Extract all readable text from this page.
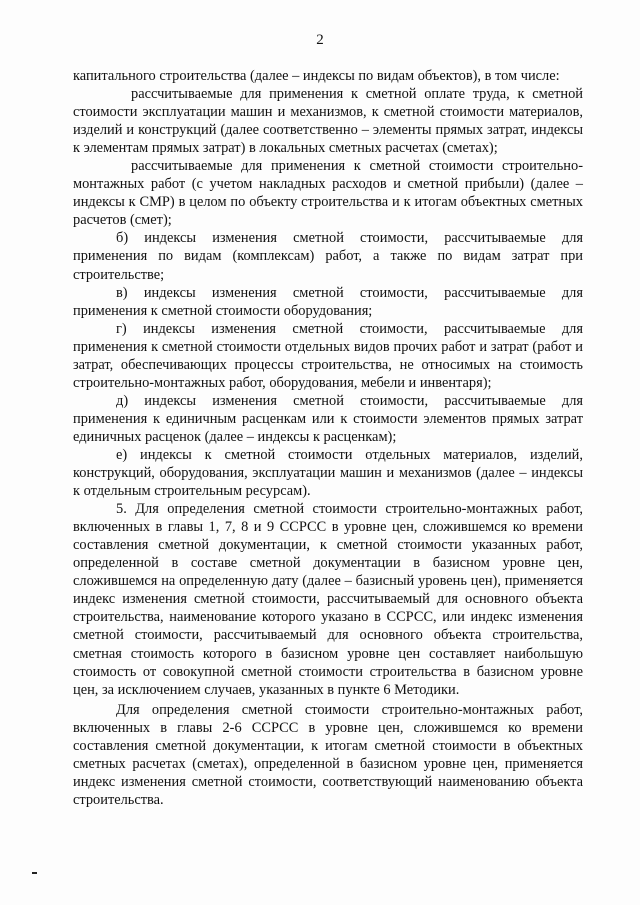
2

капитального строительства (далее – индексы по видам объектов), в том числе:

рассчитываемые для применения к сметной оплате труда, к сметной стоимости эксплуатации машин и механизмов, к сметной стоимости материалов, изделий и конструкций (далее соответственно – элементы прямых затрат, индексы к элементам прямых затрат) в локальных сметных расчетах (сметах);

рассчитываемые для применения к сметной стоимости строительно-монтажных работ (с учетом накладных расходов и сметной прибыли) (далее – индексы к СМР) в целом по объекту строительства и к итогам объектных сметных расчетов (смет);

б) индексы изменения сметной стоимости, рассчитываемые для применения по видам (комплексам) работ, а также по видам затрат при строительстве;

в) индексы изменения сметной стоимости, рассчитываемые для применения к сметной стоимости оборудования;

г) индексы изменения сметной стоимости, рассчитываемые для применения к сметной стоимости отдельных видов прочих работ и затрат (работ и затрат, обеспечивающих процессы строительства, не относимых на стоимость строительно-монтажных работ, оборудования, мебели и инвентаря);

д) индексы изменения сметной стоимости, рассчитываемые для применения к единичным расценкам или к стоимости элементов прямых затрат единичных расценок (далее – индексы к расценкам);

е) индексы к сметной стоимости отдельных материалов, изделий, конструкций, оборудования, эксплуатации машин и механизмов (далее – индексы к отдельным строительным ресурсам).

5. Для определения сметной стоимости строительно-монтажных работ, включенных в главы 1, 7, 8 и 9 ССРСС в уровне цен, сложившемся ко времени составления сметной документации, к сметной стоимости указанных работ, определенной в составе сметной документации в базисном уровне цен, сложившемся на определенную дату (далее – базисный уровень цен), применяется индекс изменения сметной стоимости, рассчитываемый для основного объекта строительства, наименование которого указано в ССРСС, или индекс изменения сметной стоимости, рассчитываемый для основного объекта строительства, сметная стоимость которого в базисном уровне цен составляет наибольшую стоимость от совокупной сметной стоимости строительства в базисном уровне цен, за исключением случаев, указанных в пункте 6 Методики.

Для определения сметной стоимости строительно-монтажных работ, включенных в главы 2-6 ССРСС в уровне цен, сложившемся ко времени составления сметной документации, к итогам сметной стоимости в объектных сметных расчетах (сметах), определенной в базисном уровне цен, применяется индекс изменения сметной стоимости, соответствующий наименованию объекта строительства.
